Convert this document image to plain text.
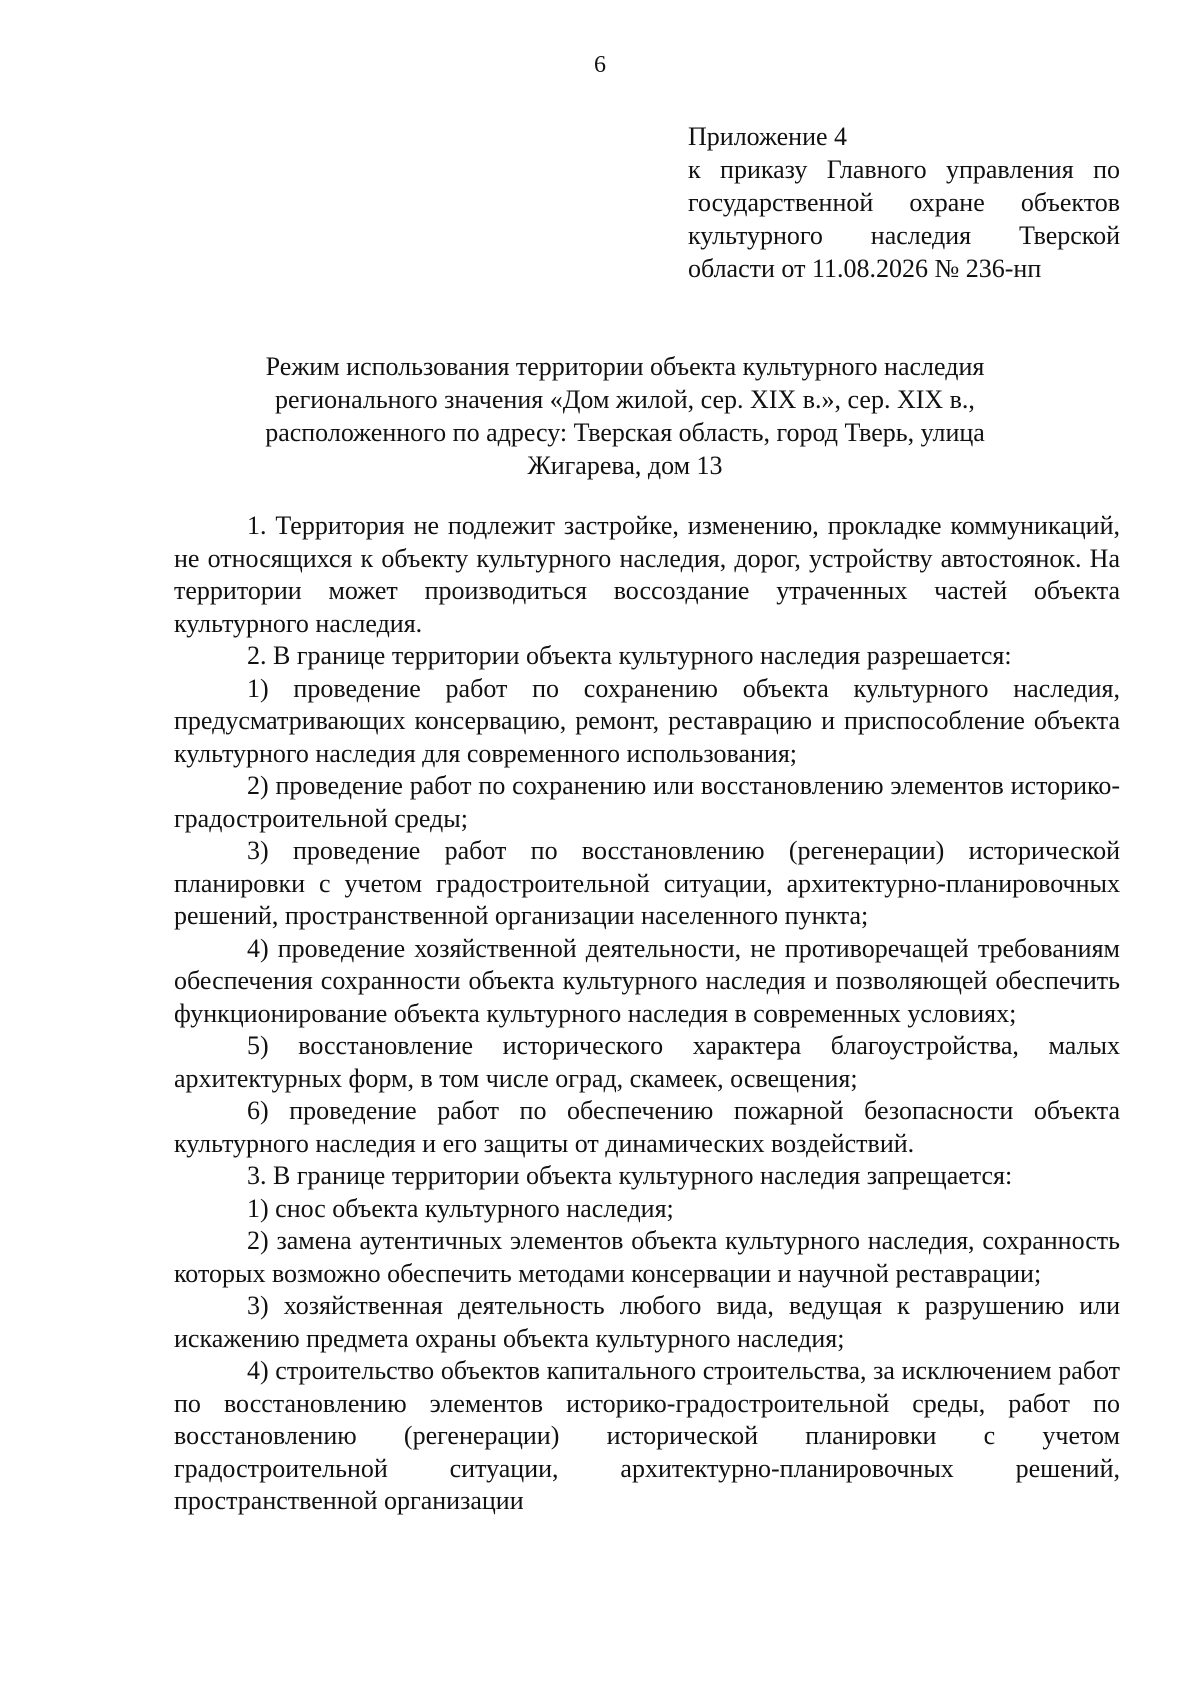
6
Приложение 4
к приказу Главного управления по
государственной охране объектов
культурного наследия Тверской
области от 11.08.2026 № 236-нп
Режим использования территории объекта культурного наследия
регионального значения «Дом жилой, сер. XIX в.», сер. XIX в.,
расположенного по адресу: Тверская область, город Тверь, улица
Жигарева, дом 13

1. Территория не подлежит застройке, изменению, прокладке коммуникаций, не относящихся к объекту культурного наследия, дорог, устройству автостоянок. На территории может производиться воссоздание утраченных частей объекта культурного наследия.

2. В границе территории объекта культурного наследия разрешается:

1) проведение работ по сохранению объекта культурного наследия, предусматривающих консервацию, ремонт, реставрацию и приспособление объекта культурного наследия для современного использования;

2) проведение работ по сохранению или восстановлению элементов историко-градостроительной среды;

3) проведение работ по восстановлению (регенерации) исторической планировки с учетом градостроительной ситуации, архитектурно-планировочных решений, пространственной организации населенного пункта;

4) проведение хозяйственной деятельности, не противоречащей требованиям обеспечения сохранности объекта культурного наследия и позволяющей обеспечить функционирование объекта культурного наследия в современных условиях;

5) восстановление исторического характера благоустройства, малых архитектурных форм, в том числе оград, скамеек, освещения;

6) проведение работ по обеспечению пожарной безопасности объекта культурного наследия и его защиты от динамических воздействий.

3. В границе территории объекта культурного наследия запрещается:

1) снос объекта культурного наследия;

2) замена аутентичных элементов объекта культурного наследия, сохранность которых возможно обеспечить методами консервации и научной реставрации;

3) хозяйственная деятельность любого вида, ведущая к разрушению или искажению предмета охраны объекта культурного наследия;

4) строительство объектов капитального строительства, за исключением работ по восстановлению элементов историко-градостроительной среды, работ по восстановлению (регенерации) исторической планировки с учетом градостроительной ситуации, архитектурно-планировочных решений, пространственной организации
